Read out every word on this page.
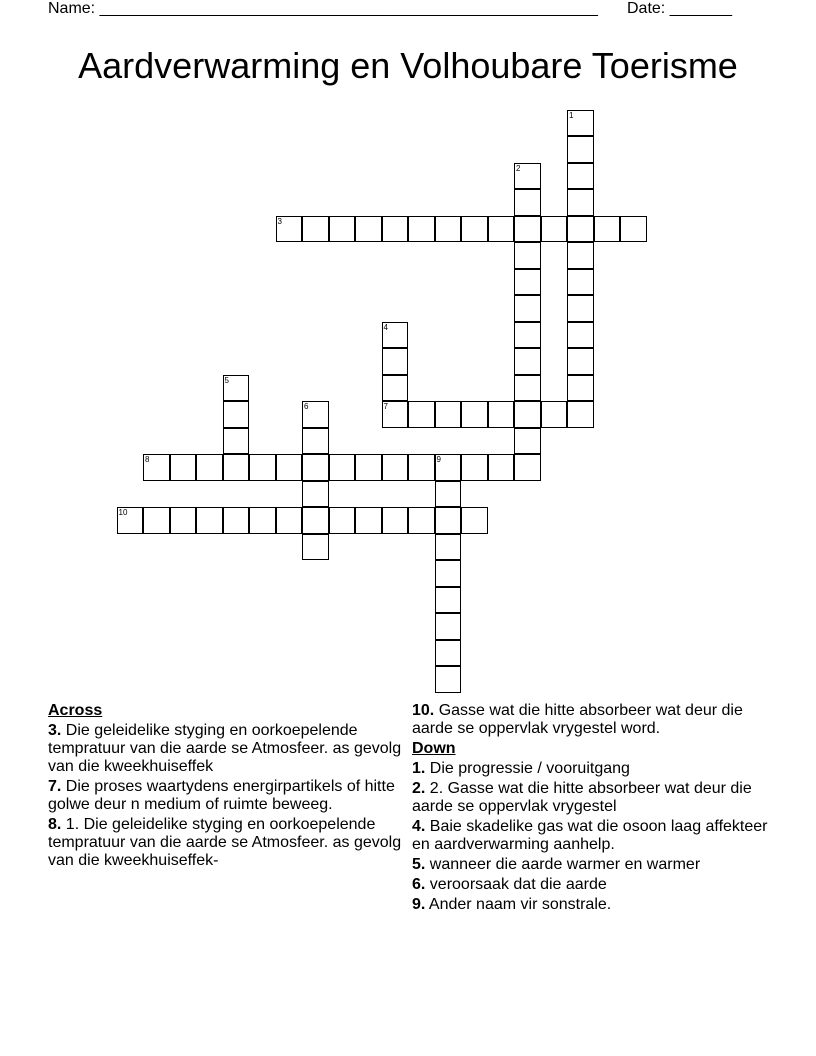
Name: ________________________________________________________ Date: _______
Aardverwarming en Volhoubare Toerisme
1
2
3
4
7
5
6
8	9
10
Across
3. Die geleidelike styging en oorkoepelende tempratuur van die aarde se Atmosfeer. as gevolg van die kweekhuiseffek
7. Die proses waartydens energirpartikels of hitte golwe deur n medium of ruimte beweeg.
8. 1. Die geleidelike styging en oorkoepelende tempratuur van die aarde se Atmosfeer. as gevolg van die kweekhuiseffek-
10. Gasse wat die hitte absorbeer wat deur die aarde se oppervlak vrygestel word.
Down
1. Die progressie / vooruitgang
2. 2. Gasse wat die hitte absorbeer wat deur die aarde se oppervlak vrygestel
4. Baie skadelike gas wat die osoon laag affekteer en aardverwarming aanhelp.
5. wanneer die aarde warmer en warmer
6. veroorsaak dat die aarde
9. Ander naam vir sonstrale.
